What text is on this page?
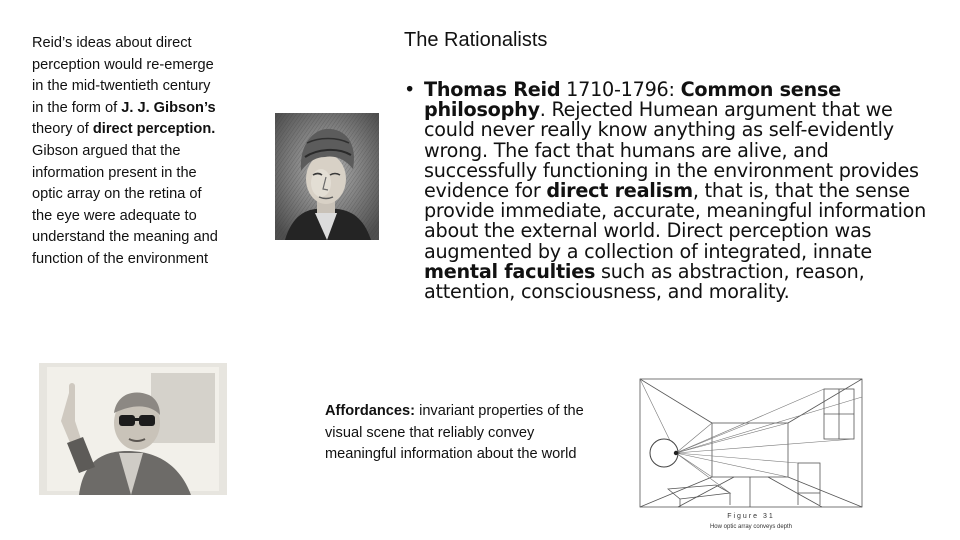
Reid’s ideas about direct perception would re-emerge in the mid-twentieth century in the form of J. J. Gibson’s theory of direct perception. Gibson argued that the information present in the optic array on the retina of the eye were adequate to understand the meaning and function of the environment
The Rationalists
• Thomas Reid 1710-1796: Common sense philosophy. Rejected Humean argument that we could never really know anything as self-evidently wrong. The fact that humans are alive, and successfully functioning in the environment provides evidence for direct realism, that is, that the sense provide immediate, accurate, meaningful information about the external world. Direct perception was augmented by a collection of integrated, innate mental faculties such as abstraction, reason, attention, consciousness, and morality.
Affordances: invariant properties of the visual scene that reliably convey meaningful information about the world
Figure 31
How optic array conveys depth
